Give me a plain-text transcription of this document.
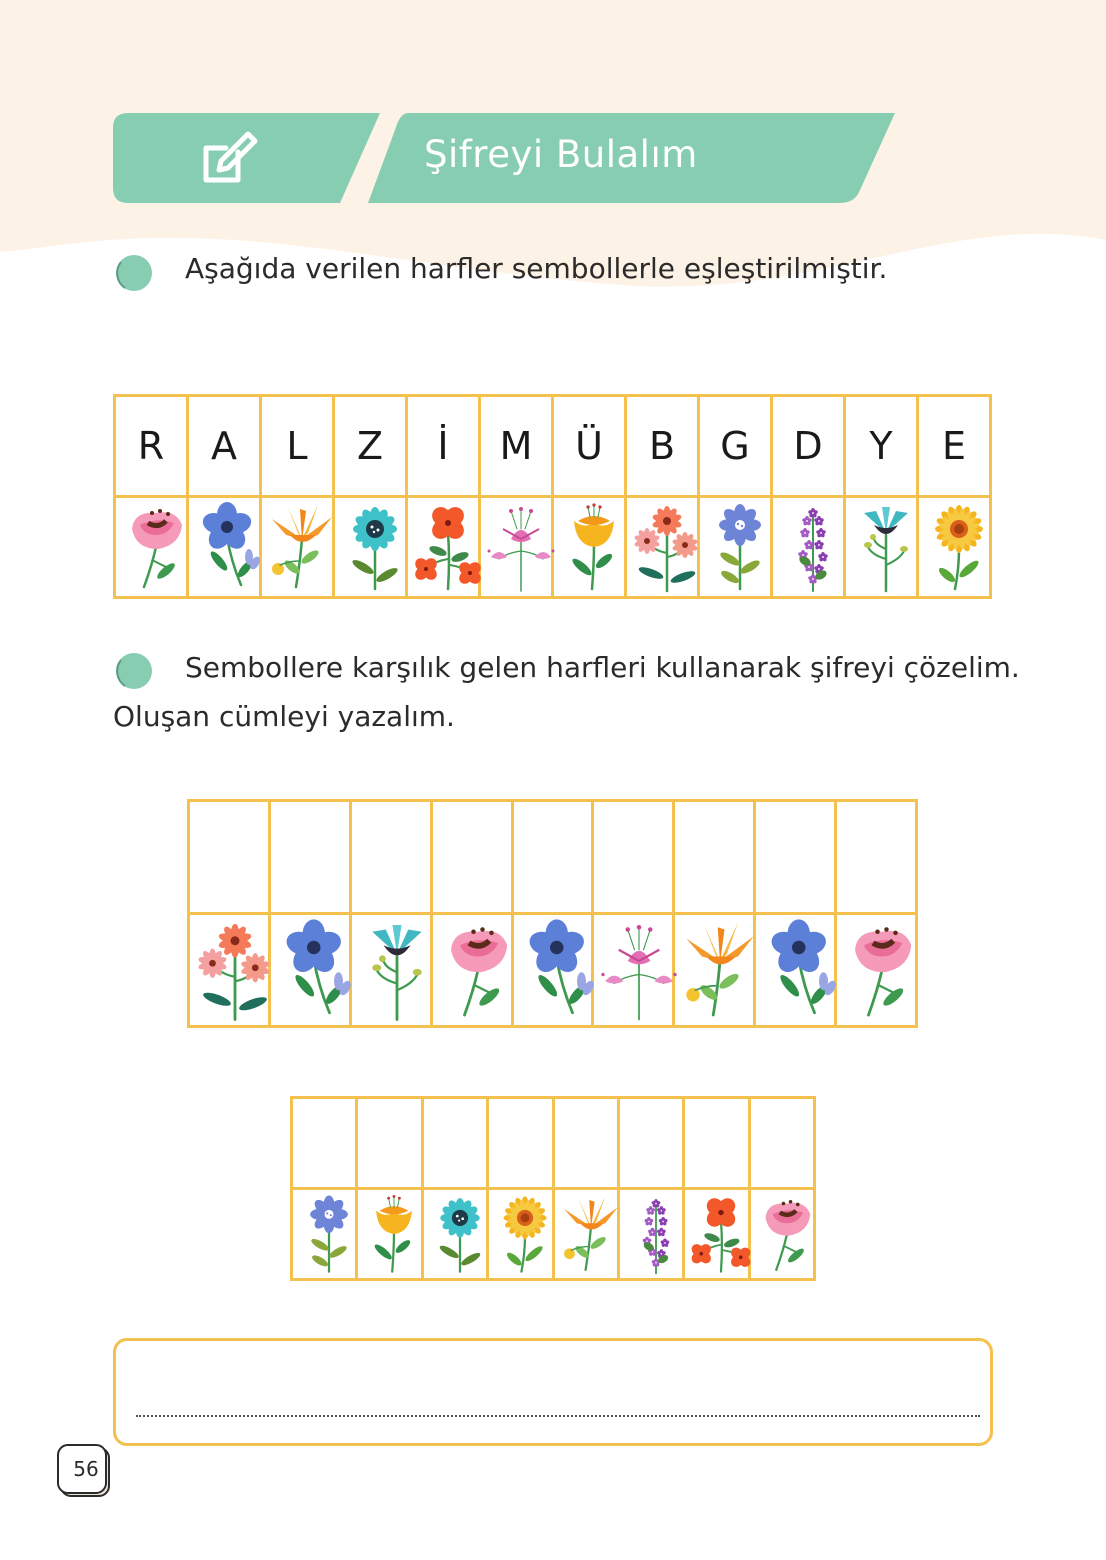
Şifreyi Bulalım
Aşağıda verilen harfler sembollerle eşleştirilmiştir.
R	A	L	Z	İ	M	Ü	B	G	D	Y	E

Sembollere karşılık gelen harfleri kullanarak şifreyi çözelim.
Oluşan cümleyi yazalım.

56
